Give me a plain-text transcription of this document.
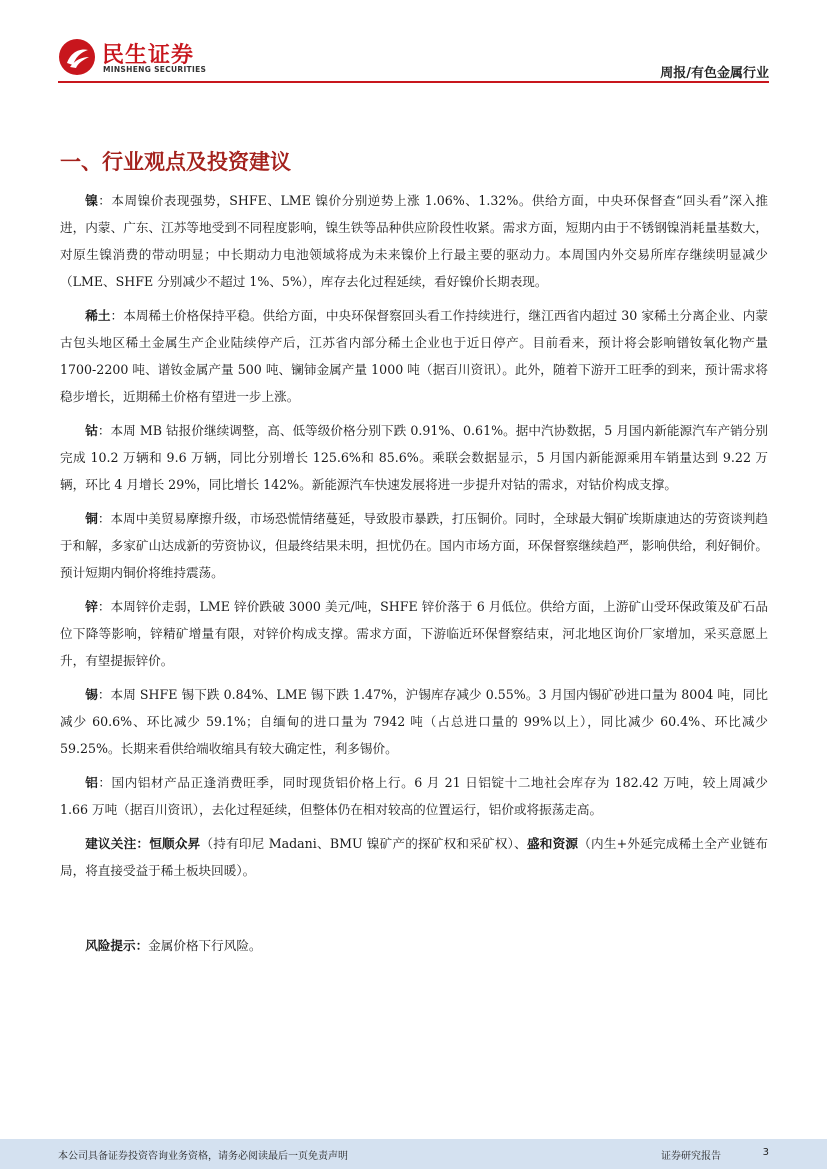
民生证券
MINSHENG SECURITIES	周报/有色金属行业
一、行业观点及投资建议

镍：本周镍价表现强势，SHFE、LME 镍价分别逆势上涨 1.06%、1.32%。供给方面，中央环保督查“回头看”深入推进，内蒙、广东、江苏等地受到不同程度影响，镍生铁等品种供应阶段性收紧。需求方面，短期内由于不锈钢镍消耗量基数大，对原生镍消费的带动明显；中长期动力电池领域将成为未来镍价上行最主要的驱动力。本周国内外交易所库存继续明显减少（LME、SHFE 分别减少不超过 1%、5%），库存去化过程延续，看好镍价长期表现。

稀土：本周稀土价格保持平稳。供给方面，中央环保督察回头看工作持续进行，继江西省内超过 30 家稀土分离企业、内蒙古包头地区稀土金属生产企业陆续停产后，江苏省内部分稀土企业也于近日停产。目前看来，预计将会影响镨钕氧化物产量 1700-2200 吨、谱钕金属产量 500 吨、镧铈金属产量 1000 吨（据百川资讯）。此外，随着下游开工旺季的到来，预计需求将稳步增长，近期稀土价格有望进一步上涨。

钴：本周 MB 钴报价继续调整，高、低等级价格分别下跌 0.91%、0.61%。据中汽协数据，5 月国内新能源汽车产销分别完成 10.2 万辆和 9.6 万辆，同比分别增长 125.6%和 85.6%。乘联会数据显示，5 月国内新能源乘用车销量达到 9.22 万辆，环比 4 月增长 29%，同比增长 142%。新能源汽车快速发展将进一步提升对钴的需求，对钴价构成支撑。

铜：本周中美贸易摩擦升级，市场恐慌情绪蔓延，导致股市暴跌，打压铜价。同时，全球最大铜矿埃斯康迪达的劳资谈判趋于和解，多家矿山达成新的劳资协议，但最终结果未明，担忧仍在。国内市场方面，环保督察继续趋严，影响供给，利好铜价。预计短期内铜价将维持震荡。

锌：本周锌价走弱，LME 锌价跌破 3000 美元/吨，SHFE 锌价落于 6 月低位。供给方面，上游矿山受环保政策及矿石品位下降等影响，锌精矿增量有限，对锌价构成支撑。需求方面，下游临近环保督察结束，河北地区询价厂家增加，采买意愿上升，有望提振锌价。

锡：本周 SHFE 锡下跌 0.84%、LME 锡下跌 1.47%，沪锡库存减少 0.55%。3 月国内锡矿砂进口量为 8004 吨，同比减少 60.6%、环比减少 59.1%；自缅甸的进口量为 7942 吨（占总进口量的 99%以上），同比减少 60.4%、环比减少 59.25%。长期来看供给端收缩具有较大确定性，利多锡价。

铝：国内铝材产品正逢消费旺季，同时现货铝价格上行。6 月 21 日铝锭十二地社会库存为 182.42 万吨，较上周减少 1.66 万吨（据百川资讯），去化过程延续，但整体仍在相对较高的位置运行，铝价或将振荡走高。

建议关注：恒顺众昇（持有印尼 Madani、BMU 镍矿产的探矿权和采矿权）、盛和资源（内生+外延完成稀土全产业链布局，将直接受益于稀土板块回暖）。

风险提示：金属价格下行风险。

本公司具备证券投资咨询业务资格，请务必阅读最后一页免责声明	证券研究报告	3
